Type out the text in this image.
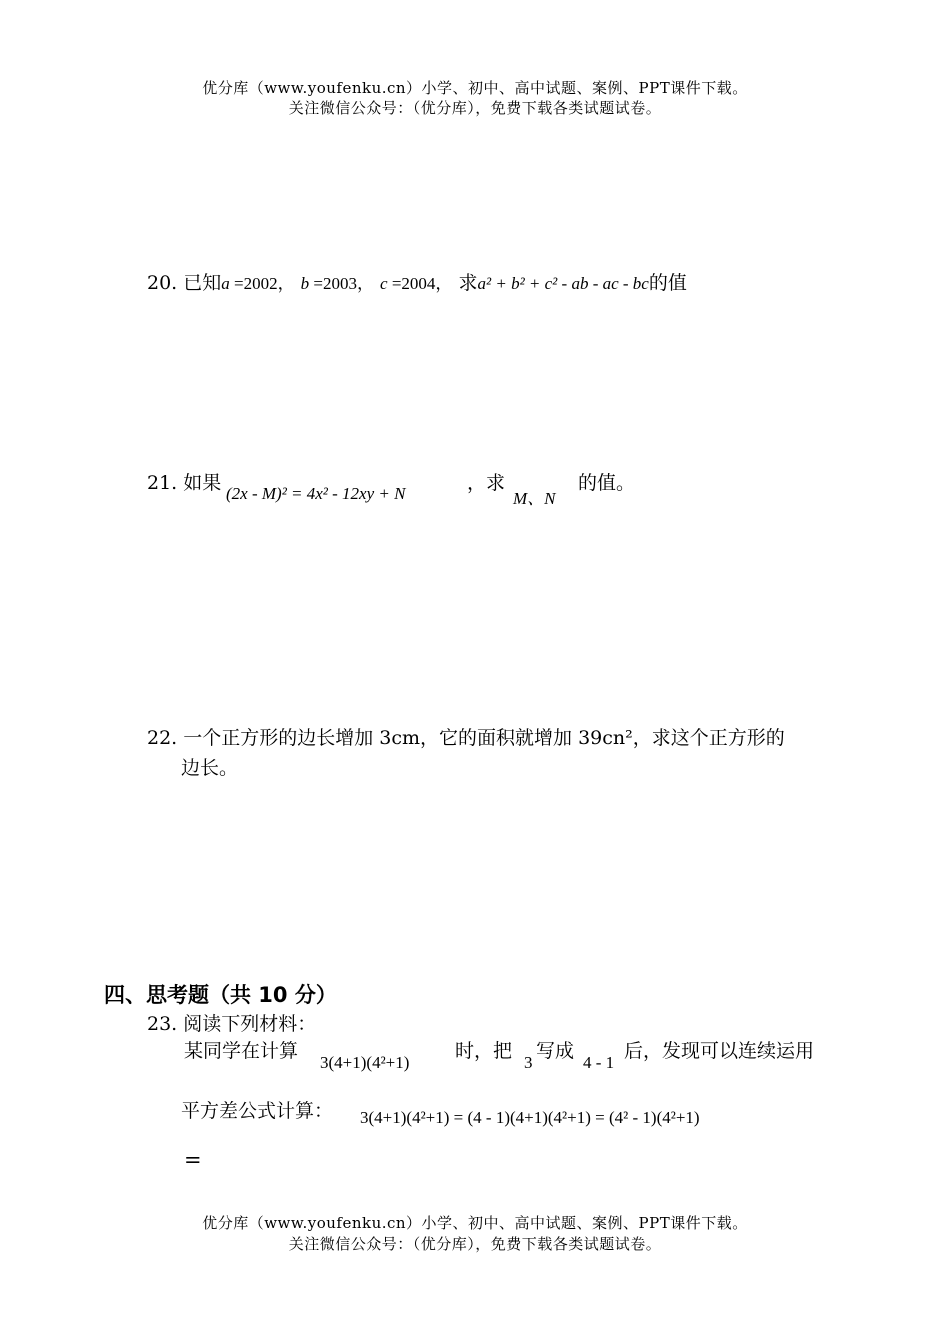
优分库（www.youfenku.cn）小学、初中、高中试题、案例、PPT课件下载。
关注微信公众号：（优分库），免费下载各类试题试卷。
20. 已知a =2002， b =2003， c =2004， 求a² + b² + c² - ab - ac - bc的值
21. 如果 (2x - M)² = 4x² - 12xy + N	，求
M、N
的值。
22. 一个正方形的边长增加 3cm，它的面积就增加 39cn²，求这个正方形的
边长。
四、思考题（共 10 分）
23. 阅读下列材料：
某同学在计算
3(4+1)(4²+1)
时，把
3
写成
4 - 1
后，发现可以连续运用
平方差公式计算： 3(4+1)(4²+1) = (4 - 1)(4+1)(4²+1) = (4² - 1)(4²+1)
=
优分库（www.youfenku.cn）小学、初中、高中试题、案例、PPT课件下载。
关注微信公众号：（优分库），免费下载各类试题试卷。
